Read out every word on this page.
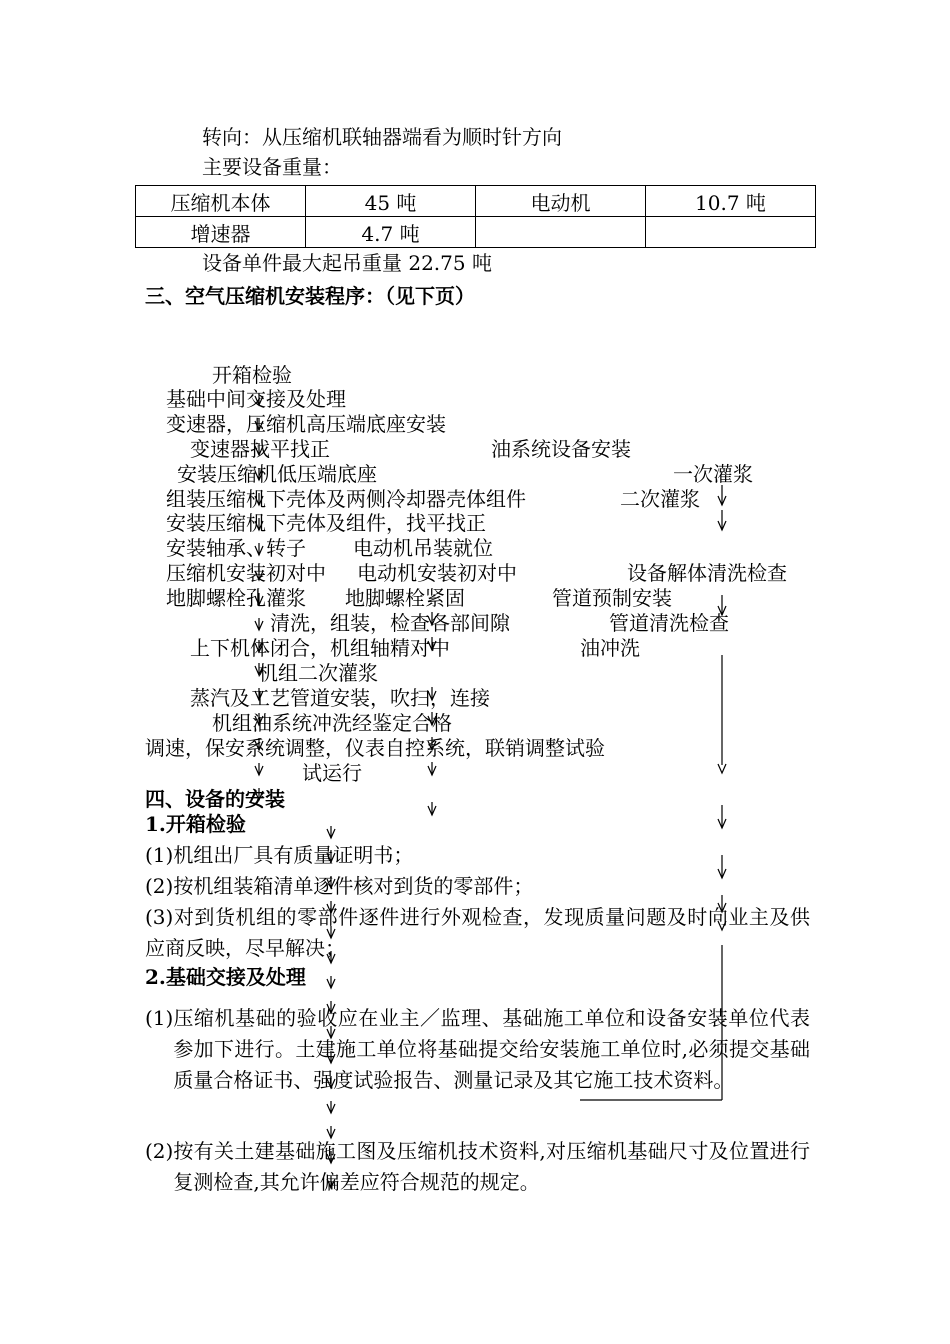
转向：从压缩机联轴器端看为顺时针方向
主要设备重量：
压缩机本体	45 吨	电动机	10.7 吨
增速器	4.7 吨		
设备单件最大起吊重量 22.75 吨
三、空气压缩机安装程序：（见下页）
开箱检验
基础中间交接及处理
变速器，压缩机高压端底座安装
变速器找平找正	油系统设备安装
安装压缩机低压端底座	一次灌浆
组装压缩机下壳体及两侧冷却器壳体组件	二次灌浆
安装压缩机下壳体及组件，找平找正
安装轴承、转子 电动机吊装就位
压缩机安装初对中 电动机安装初对中	设备解体清洗检查
地脚螺栓孔灌浆 地脚螺栓紧固	管道预制安装
清洗，组装，检查各部间隙	管道清洗检查
上下机体闭合，机组轴精对中	油冲洗
机组二次灌浆
蒸汽及工艺管道安装，吹扫，连接
机组油系统冲洗经鉴定合格
调速，保安系统调整，仪表自控系统，联销调整试验
试运行
四、设备的安装
1.开箱检验
(1)机组出厂具有质量证明书；
(2)按机组装箱清单逐件核对到货的零部件；
(3)对到货机组的零部件逐件进行外观检查，发现质量问题及时向业主及供应商反映，尽早解决；
2.基础交接及处理
(1) 压缩机基础的验收应在业主／监理、基础施工单位和设备安装单位代表参加下进行。土建施工单位将基础提交给安装施工单位时,必须提交基础质量合格证书、强度试验报告、测量记录及其它施工技术资料。
(2) 按有关土建基础施工图及压缩机技术资料,对压缩机基础尺寸及位置进行复测检查,其允许偏差应符合规范的规定。
